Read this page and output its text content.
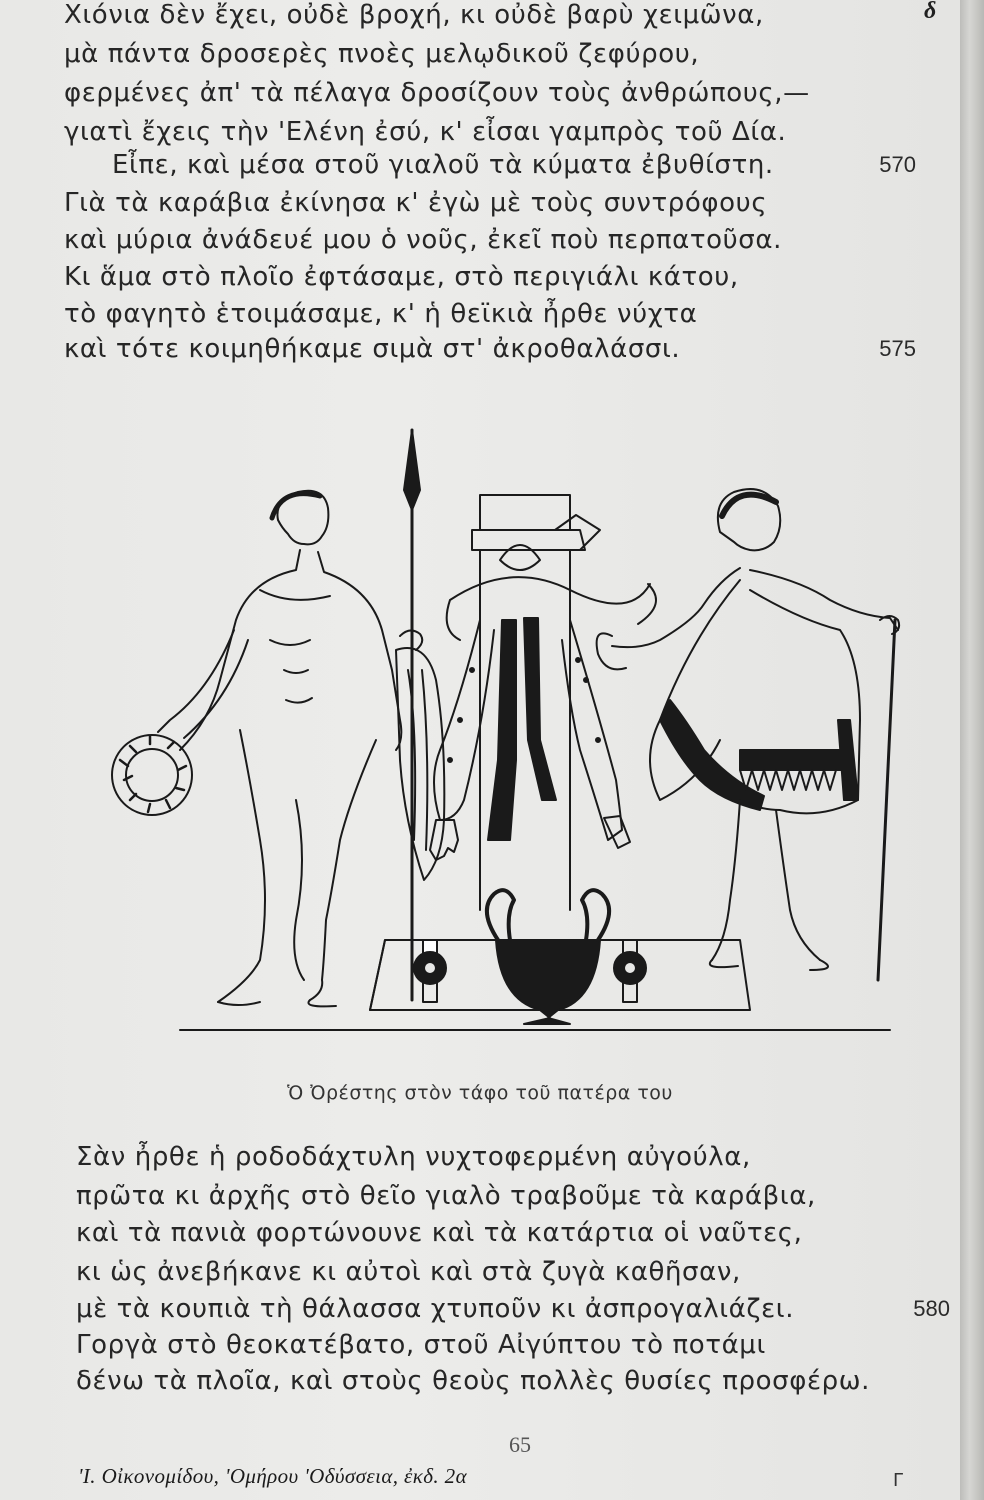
δ
Χιόνια δὲν ἔχει, οὐδὲ βροχή, κι οὐδὲ βαρὺ χειμῶνα,
μὰ πάντα δροσερὲς πνοὲς μελῳδικοῦ ζεφύρου,
φερμένες ἀπ' τὰ πέλαγα δροσίζουν τοὺς ἀνθρώπους,—
γιατὶ ἔχεις τὴν 'Ελένη ἐσύ, κ' εἶσαι γαμπρὸς τοῦ Δία.
Εἶπε, καὶ μέσα στοῦ γιαλοῦ τὰ κύματα ἐβυθίστη.	570
Γιὰ τὰ καράβια ἐκίνησα κ' ἐγὼ μὲ τοὺς συντρόφους
καὶ μύρια ἀνάδευέ μου ὁ νοῦς, ἐκεῖ ποὺ περπατοῦσα.
Κι ἅμα στὸ πλοῖο ἐφτάσαμε, στὸ περιγιάλι κάτου,
τὸ φαγητὸ ἑτοιμάσαμε, κ' ἡ θεϊκιὰ ἦρθε νύχτα
καὶ τότε κοιμηθήκαμε σιμὰ στ' ἀκροθαλάσσι.	575
Ὁ Ὀρέστης στὸν τάφο τοῦ πατέρα του
Σὰν ἦρθε ἡ ροδοδάχτυλη νυχτοφερμένη αὐγούλα,
πρῶτα κι ἀρχῆς στὸ θεῖο γιαλὸ τραβοῦμε τὰ καράβια,
καὶ τὰ πανιὰ φορτώνουνε καὶ τὰ κατάρτια οἱ ναῦτες,
κι ὡς ἀνεβήκανε κι αὐτοὶ καὶ στὰ ζυγὰ καθῆσαν,
μὲ τὰ κουπιὰ τὴ θάλασσα χτυποῦν κι ἀσπρογαλιάζει.	580
Γοργὰ στὸ θεοκατέβατο, στοῦ Αἰγύπτου τὸ ποτάμι
δένω τὰ πλοῖα, καὶ στοὺς θεοὺς πολλὲς θυσίες προσφέρω.
65
'Ι. Οἰκονομίδου, 'Ομήρου 'Οδύσσεια, ἐκδ. 2α	Γ
